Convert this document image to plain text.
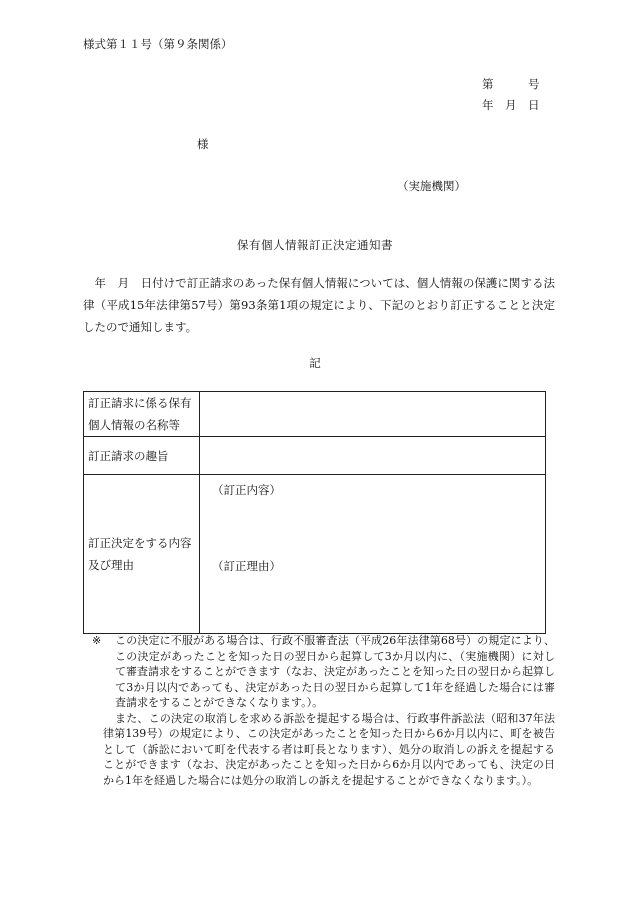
様式第１１号（第９条関係）
第　　　号
年　月　日
様
（実施機関）
保有個人情報訂正決定通知書

　年　月　日付けで訂正請求のあった保有個人情報については、個人情報の保護に関する法律（平成15年法律第57号）第93条第1項の規定により、下記のとおり訂正することと決定したので通知します。

記
訂正請求に係る保有個人情報の名称等	
訂正請求の趣旨	
訂正決定をする内容及び理由	（訂正内容）
（訂正理由）
※	この決定に不服がある場合は、行政不服審査法（平成26年法律第68号）の規定により、この決定があったことを知った日の翌日から起算して3か月以内に、（実施機関）に対して審査請求をすることができます（なお、決定があったことを知った日の翌日から起算して3か月以内であっても、決定があった日の翌日から起算して1年を経過した場合には審査請求をすることができなくなります。）。

また、この決定の取消しを求める訴訟を提起する場合は、行政事件訴訟法（昭和37年法律第139号）の規定により、この決定があったことを知った日から6か月以内に、町を被告として（訴訟において町を代表する者は町長となります）、処分の取消しの訴えを提起することができます（なお、決定があったことを知った日から6か月以内であっても、決定の日から1年を経過した場合には処分の取消しの訴えを提起することができなくなります。）。
